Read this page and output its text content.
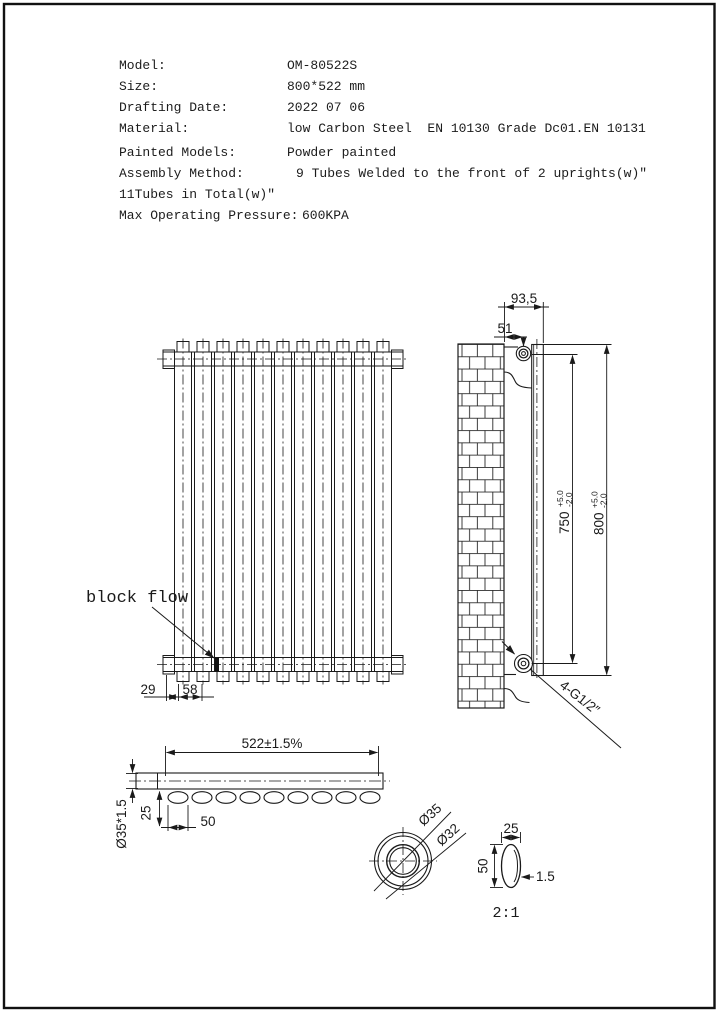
Model:

	OM-80522S

Size:

	800*522 mm

Drafting Date:

	2022 07 06

Material:

	low Carbon Steel  EN 10130 Grade Dc01.EN 10131

Painted Models:

	Powder painted

Assembly Method:

	9 Tubes Welded to the front of 2 uprights(w)″

11Tubes in Total(w)″

Max Operating Pressure:

600KPA

block flow
29 58	4-G1/2″
93,5
51
750 +5.0 -2.0
800 +5.0 -2.0
522±1.5%
Ø35*1.5 25
50	Ø35
Ø32	25
50
1.5
2:1
